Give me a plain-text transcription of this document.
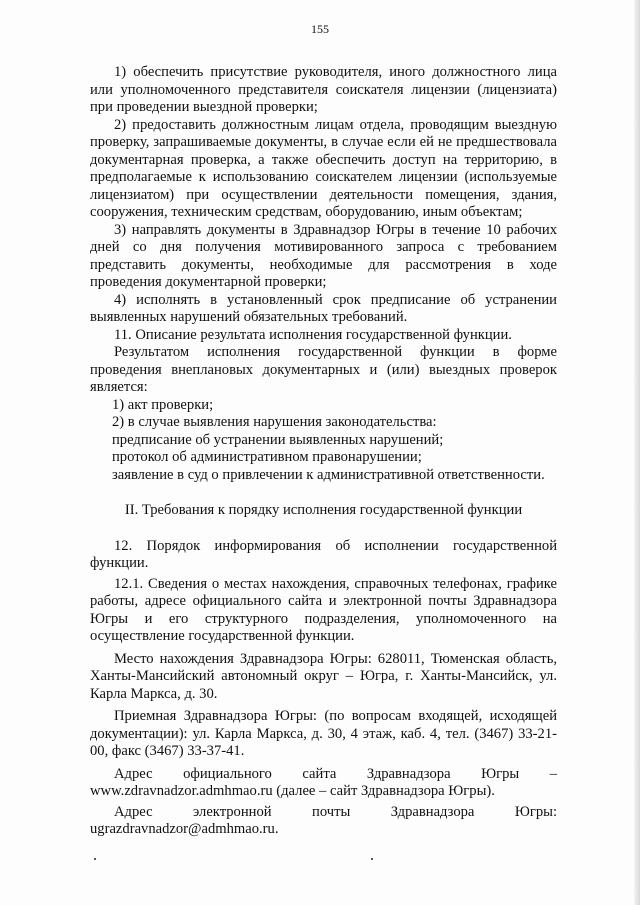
155

1) обеспечить присутствие руководителя, иного должностного лица или уполномоченного представителя соискателя лицензии (лицензиата) при проведении выездной проверки;

2) предоставить должностным лицам отдела, проводящим выездную проверку, запрашиваемые документы, в случае если ей не предшествовала документарная проверка, а также обеспечить доступ на территорию, в предполагаемые к использованию соискателем лицензии (используемые лицензиатом) при осуществлении деятельности помещения, здания, сооружения, техническим средствам, оборудованию, иным объектам;

3) направлять документы в Здравнадзор Югры в течение 10 рабочих дней со дня получения мотивированного запроса с требованием представить документы, необходимые для рассмотрения в ходе проведения документарной проверки;

4) исполнять в установленный срок предписание об устранении выявленных нарушений обязательных требований.

11. Описание результата исполнения государственной функции.

Результатом исполнения государственной функции в форме проведения внеплановых документарных и (или) выездных проверок является:

1) акт проверки;

2) в случае выявления нарушения законодательства:

предписание об устранении выявленных нарушений;

протокол об административном правонарушении;

заявление в суд о привлечении к административной ответственности.

II. Требования к порядку исполнения государственной функции

12. Порядок информирования об исполнении государственной функции.

12.1. Сведения о местах нахождения, справочных телефонах, графике работы, адресе официального сайта и электронной почты Здравнадзора Югры и его структурного подразделения, уполномоченного на осуществление государственной функции.

Место нахождения Здравнадзора Югры: 628011, Тюменская область, Ханты-Мансийский автономный округ – Югра, г. Ханты-Мансийск, ул. Карла Маркса, д. 30.

Приемная Здравнадзора Югры: (по вопросам входящей, исходящей документации): ул. Карла Маркса, д. 30, 4 этаж, каб. 4, тел. (3467) 33-21-00, факс (3467) 33-37-41.

Адрес официального сайта Здравнадзора Югры – www.zdravnadzor.admhmao.ru (далее – сайт Здравнадзора Югры).

Адрес электронной почты Здравнадзора Югры: ugrazdravnadzor@admhmao.ru.
